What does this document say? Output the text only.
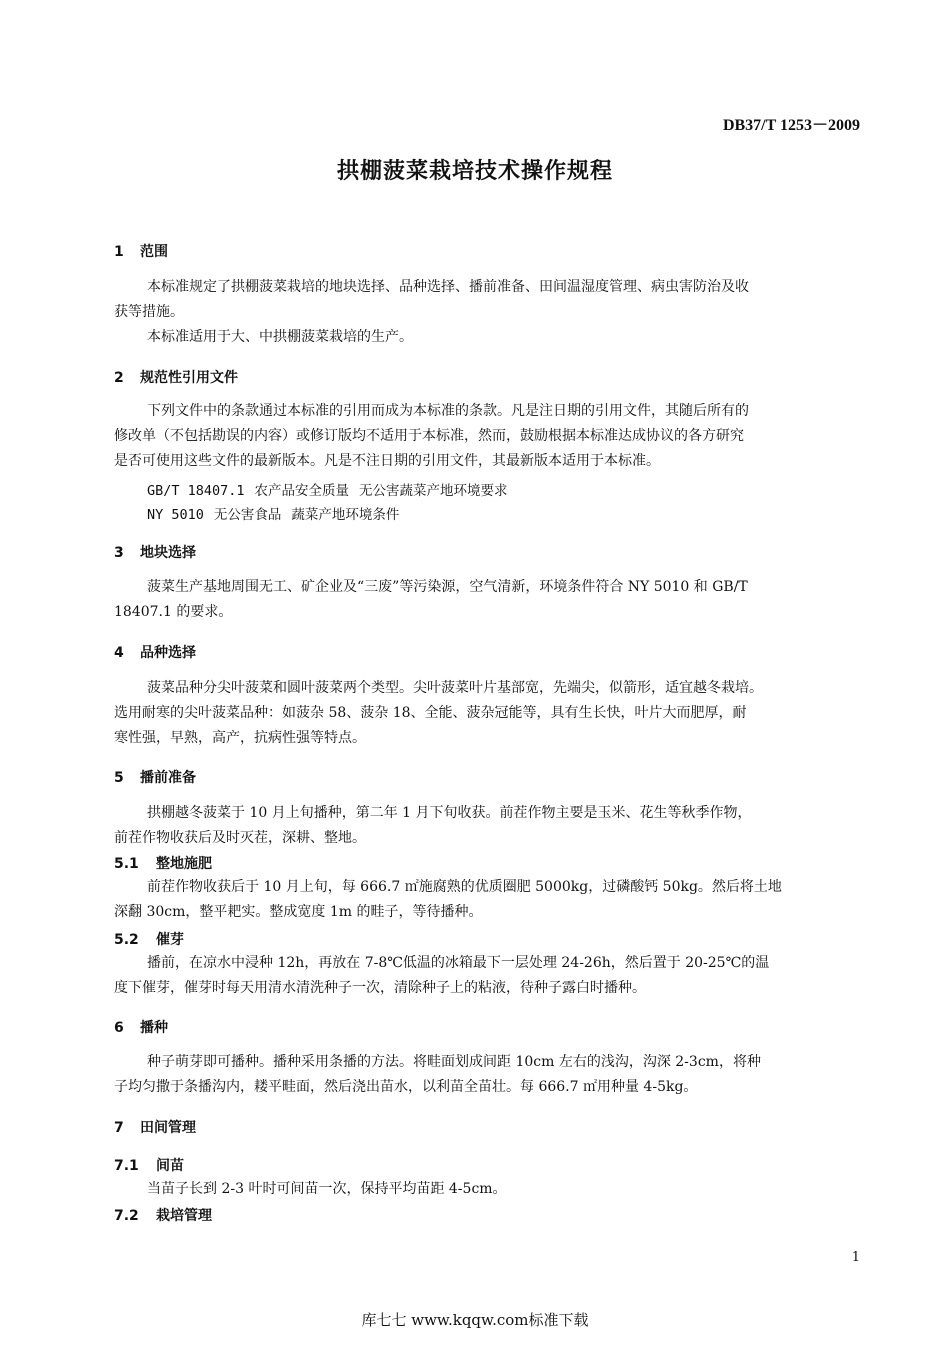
DB37/T 1253－2009
拱棚菠菜栽培技术操作规程
1 范围
本标准规定了拱棚菠菜栽培的地块选择、品种选择、播前准备、田间温湿度管理、病虫害防治及收
获等措施。
本标准适用于大、中拱棚菠菜栽培的生产。
2 规范性引用文件
下列文件中的条款通过本标准的引用而成为本标准的条款。凡是注日期的引用文件，其随后所有的
修改单（不包括勘误的内容）或修订版均不适用于本标准，然而，鼓励根据本标准达成协议的各方研究
是否可使用这些文件的最新版本。凡是不注日期的引用文件，其最新版本适用于本标准。
GB/T 18407.1 农产品安全质量 无公害蔬菜产地环境要求
NY 5010 无公害食品 蔬菜产地环境条件
3 地块选择
菠菜生产基地周围无工、矿企业及“三废”等污染源，空气清新，环境条件符合 NY 5010 和 GB/T
18407.1 的要求。
4 品种选择
菠菜品种分尖叶菠菜和圆叶菠菜两个类型。尖叶菠菜叶片基部宽，先端尖，似箭形，适宜越冬栽培。
选用耐寒的尖叶菠菜品种：如菠杂 58、菠杂 18、全能、菠杂冠能等，具有生长快，叶片大而肥厚，耐
寒性强，早熟，高产，抗病性强等特点。
5 播前准备
拱棚越冬菠菜于 10 月上旬播种，第二年 1 月下旬收获。前茬作物主要是玉米、花生等秋季作物，
前茬作物收获后及时灭茬，深耕、整地。
5.1 整地施肥
前茬作物收获后于 10 月上旬，每 666.7 ㎡施腐熟的优质圈肥 5000kg，过磷酸钙 50kg。然后将土地
深翻 30cm，整平耙实。整成宽度 1m 的畦子，等待播种。
5.2 催芽
播前，在凉水中浸种 12h，再放在 7-8℃低温的冰箱最下一层处理 24-26h，然后置于 20-25℃的温
度下催芽，催芽时每天用清水清洗种子一次，清除种子上的粘液，待种子露白时播种。
6 播种
种子萌芽即可播种。播种采用条播的方法。将畦面划成间距 10cm 左右的浅沟，沟深 2-3cm，将种
子均匀撒于条播沟内，耧平畦面，然后浇出苗水，以利苗全苗壮。每 666.7 ㎡用种量 4-5kg。
7 田间管理
7.1 间苗
当苗子长到 2-3 叶时可间苗一次，保持平均苗距 4-5cm。
7.2 栽培管理
1
库七七 www.kqqw.com标准下载
